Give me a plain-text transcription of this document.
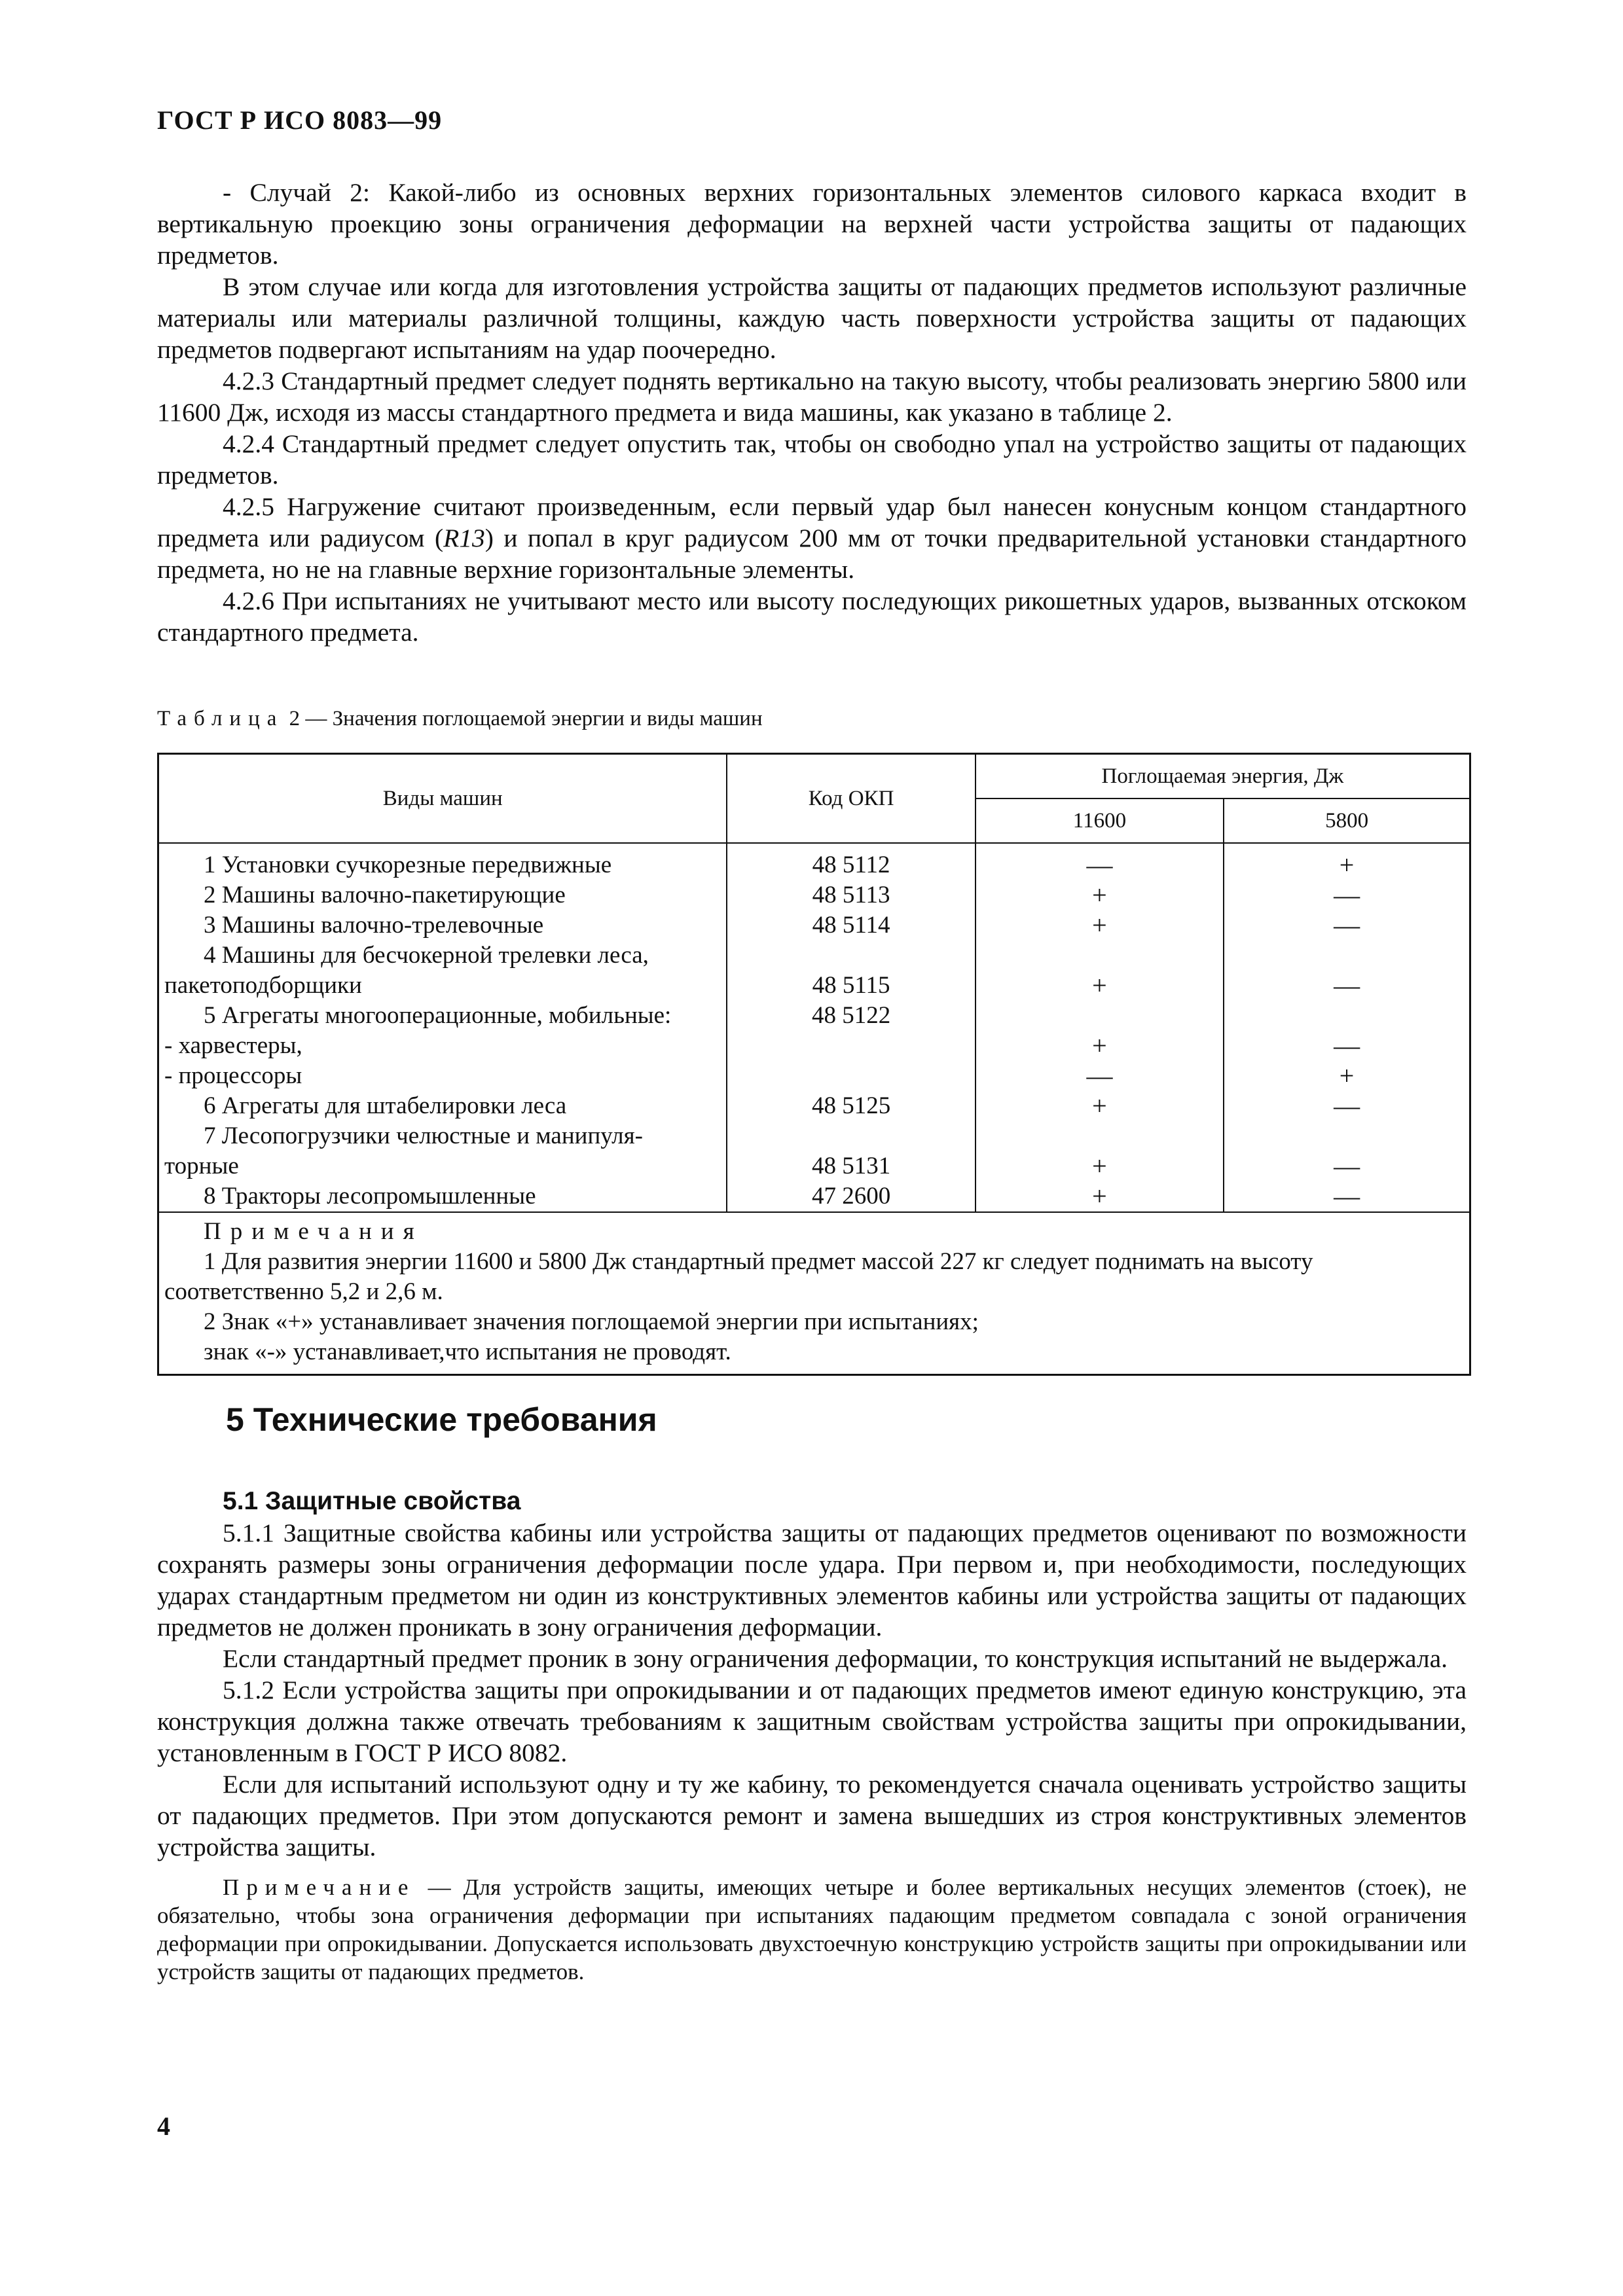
ГОСТ Р ИСО 8083—99

- Случай 2: Какой-либо из основных верхних горизонтальных элементов силового каркаса входит в вертикальную проекцию зоны ограничения деформации на верхней части устройства защиты от падающих предметов.

В этом случае или когда для изготовления устройства защиты от падающих предметов используют различные материалы или материалы различной толщины, каждую часть поверхности устройства защиты от падающих предметов подвергают испытаниям на удар поочередно.

4.2.3 Стандартный предмет следует поднять вертикально на такую высоту, чтобы реализовать энергию 5800 или 11600 Дж, исходя из массы стандартного предмета и вида машины, как указано в таблице 2.

4.2.4 Стандартный предмет следует опустить так, чтобы он свободно упал на устройство защиты от падающих предметов.

4.2.5 Нагружение считают произведенным, если первый удар был нанесен конусным концом стандартного предмета или радиусом (R13) и попал в круг радиусом 200 мм от точки предварительной установки стандартного предмета, но не на главные верхние горизонтальные элементы.

4.2.6 При испытаниях не учитывают место или высоту последующих рикошетных ударов, вызванных отскоком стандартного предмета.

Таблица 2 — Значения поглощаемой энергии и виды машин
Виды машин	Код ОКП	Поглощаемая энергия, Дж	
		11600	5800
1 Установки сучкорезные передвижные	48 5112	—	+
2 Машины валочно-пакетирующие	48 5113	+	—
3 Машины валочно-трелевочные	48 5114	+	—
4 Машины для бесчокерной трелевки леса,
пакетоподборщики	48 5115	+	—
5 Агрегаты многооперационные, мобильные:	48 5122		
- харвестеры,		+	—
- процессоры		—	+
6 Агрегаты для штабелировки леса	48 5125	+	—
7 Лесопогрузчики челюстные и манипуля-
торные	48 5131	+	—
8 Тракторы лесопромышленные	47 2600	+	—

Примечания
1 Для развития энергии 11600 и 5800 Дж стандартный предмет массой 227 кг следует поднимать на высоту соответственно 5,2 и 2,6 м.
2 Знак «+» устанавливает значения поглощаемой энергии при испытаниях;
знак «-» устанавливает,что испытания не проводят.			
5 Технические требования

5.1 Защитные свойства

5.1.1 Защитные свойства кабины или устройства защиты от падающих предметов оценивают по возможности сохранять размеры зоны ограничения деформации после удара. При первом и, при необходимости, последующих ударах стандартным предметом ни один из конструктивных элементов кабины или устройства защиты от падающих предметов не должен проникать в зону ограничения деформации.

Если стандартный предмет проник в зону ограничения деформации, то конструкция испытаний не выдержала.

5.1.2 Если устройства защиты при опрокидывании и от падающих предметов имеют единую конструкцию, эта конструкция должна также отвечать требованиям к защитным свойствам устройства защиты при опрокидывании, установленным в ГОСТ Р ИСО 8082.

Если для испытаний используют одну и ту же кабину, то рекомендуется сначала оценивать устройство защиты от падающих предметов. При этом допускаются ремонт и замена вышедших из строя конструктивных элементов устройства защиты.

Примечание — Для устройств защиты, имеющих четыре и более вертикальных несущих элементов (стоек), не обязательно, чтобы зона ограничения деформации при испытаниях падающим предметом совпадала с зоной ограничения деформации при опрокидывании. Допускается использовать двухстоечную конструкцию устройств защиты при опрокидывании или устройств защиты от падающих предметов.

4
